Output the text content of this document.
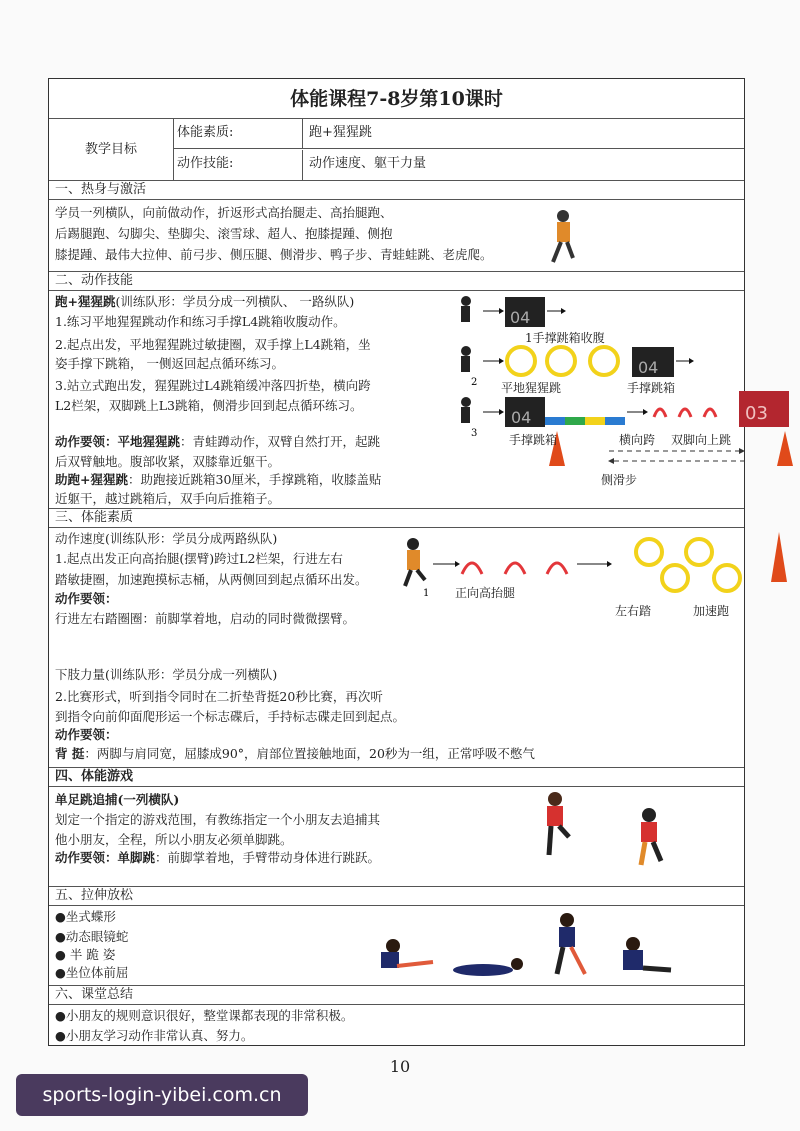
体能课程7-8岁第10课时
教学目标
体能素质:	跑+猩猩跳
动作技能:	动作速度、躯干力量
一、热身与激活
学员一列横队，向前做动作，折返形式高抬腿走、高抬腿跑、
后踢腿跑、勾脚尖、垫脚尖、滚雪球、超人、抱膝提踵、侧抱
膝提踵、最伟大拉伸、前弓步、侧压腿、侧滑步、鸭子步、青蛙蛙跳、老虎爬。
二、动作技能
跑+猩猩跳(训练队形：学员分成一列横队、 一路纵队)
1.练习平地猩猩跳动作和练习手撑L4跳箱收腹动作。
2.起点出发，平地猩猩跳过敏捷圈，双手撑上L4跳箱，坐
姿手撑下跳箱， 一侧返回起点循环练习。
3.站立式跑出发，猩猩跳过L4跳箱缓冲落四折垫，横向跨
L2栏架，双脚跳上L3跳箱，侧滑步回到起点循环练习。
动作要领：平地猩猩跳：青蛙蹲动作，双臂自然打开，起跳
后双臂触地。腹部收紧，双膝靠近躯干。
助跑+猩猩跳：助跑接近跳箱30厘米，手撑跳箱，收膝盖贴
近躯干，越过跳箱后，双手向后推箱子。
04
2
04
3
04	03
1手撑跳箱收腹
平地猩猩跳	手撑跳箱
手撑跳箱	横向跨 双脚向上跳
侧滑步
三、体能素质
动作速度(训练队形：学员分成两路纵队)
1.起点出发正向高抬腿(摆臂)跨过L2栏架，行进左右
踏敏捷圈，加速跑摸标志桶，从两侧回到起点循环出发。
动作要领：
行进左右踏圈圈：前脚掌着地，启动的同时微微摆臂。
1 正向高抬腿
左右踏	加速跑
下肢力量(训练队形：学员分成一列横队)
2.比赛形式，听到指令同时在二折垫背挺20秒比赛，再次听
到指令向前仰面爬形运一个标志碟后，手持标志碟走回到起点。
动作要领：
背 挺：两脚与肩同宽，屈膝成90°，肩部位置接触地面，20秒为一组，正常呼吸不憋气
四、体能游戏
单足跳追捕(一列横队)
划定一个指定的游戏范围，有教练指定一个小朋友去追捕其
他小朋友，全程，所以小朋友必须单脚跳。
动作要领：单脚跳：前脚掌着地，手臂带动身体进行跳跃。
五、拉伸放松
●坐式蝶形
●动态眼镜蛇
● 半 跪 姿
●坐位体前屈
六、课堂总结
●小朋友的规则意识很好，整堂课都表现的非常积极。
●小朋友学习动作非常认真、努力。
10
sports-login-yibei.com.cn
